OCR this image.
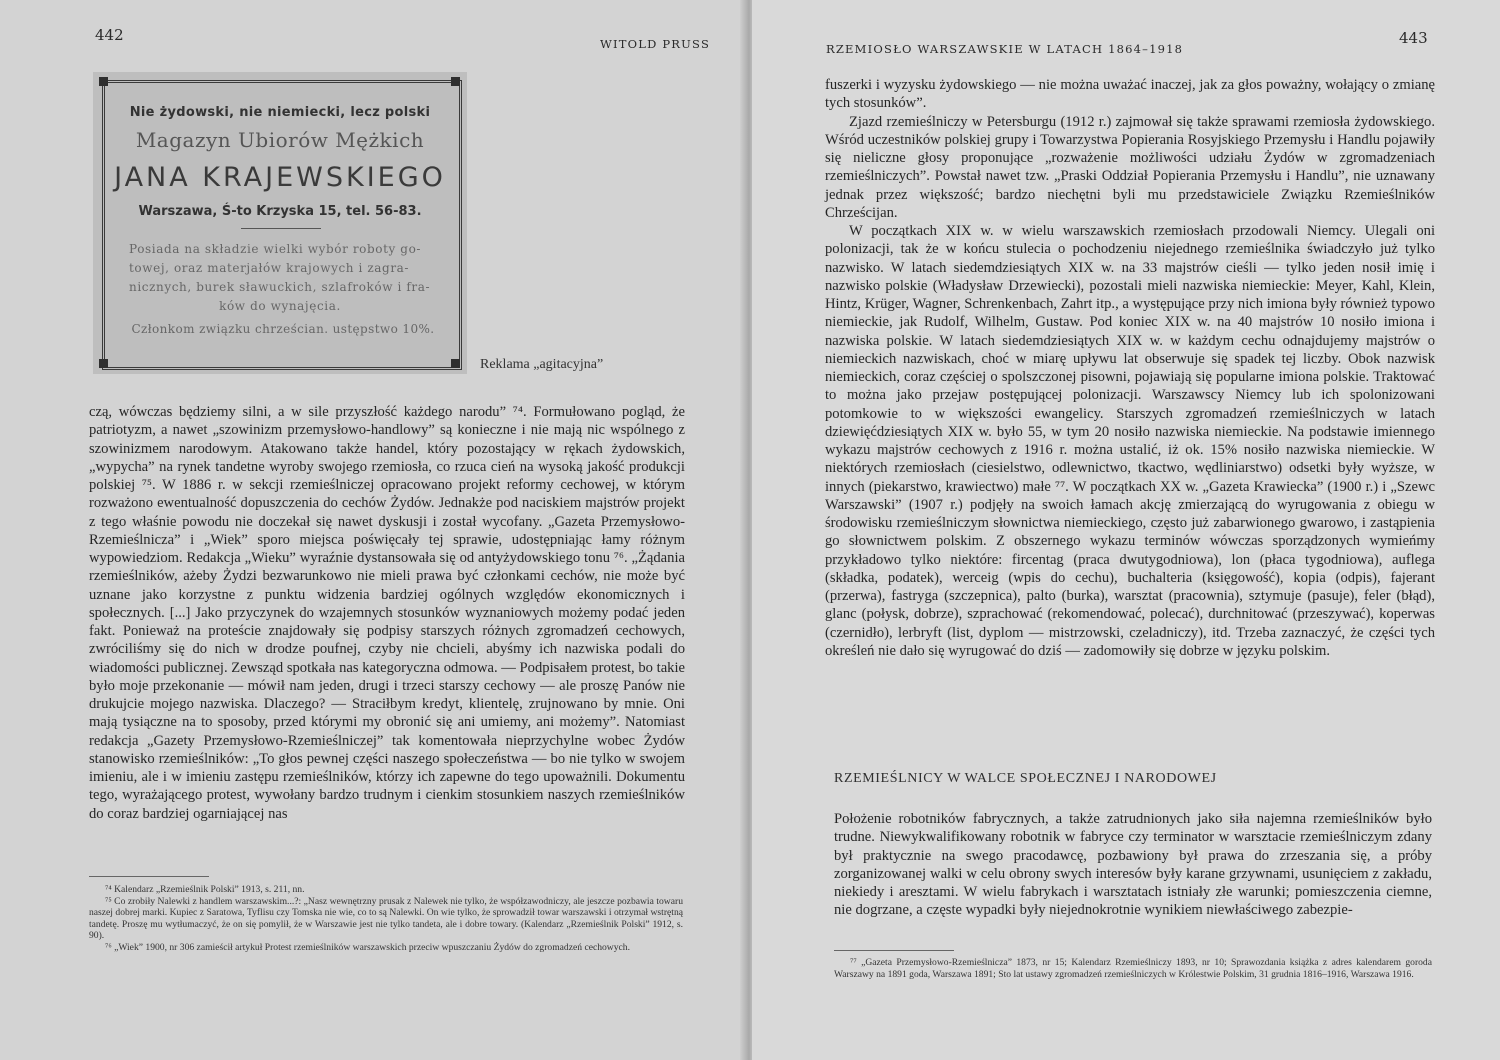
442	WITOLD PRUSS
Nie żydowski, nie niemiecki, lecz polski
Magazyn Ubiorów Mężkich
JANA KRAJEWSKIEGO
Warszawa, Ś-to Krzyska 15, tel. 56-83.
Posiada na składzie wielki wybór roboty go-
towej, oraz materjałów krajowych i zagra-
nicznych, burek sławuckich, szlafroków i fra-
ków do wynajęcia.
Członkom związku chrześcian. ustępstwo 10%.
Reklama „agitacyjna”

czą, wówczas będziemy silni, a w sile przyszłość każdego narodu” ⁷⁴. Formułowano pogląd, że patriotyzm, a nawet „szowinizm przemysłowo-handlowy” są konieczne i nie mają nic wspólnego z szowinizmem narodowym. Atakowano także handel, który pozostający w rękach żydowskich, „wypycha” na rynek tandetne wyroby swojego rzemiosła, co rzuca cień na wysoką jakość produkcji polskiej ⁷⁵. W 1886 r. w sekcji rzemieślniczej opracowano projekt reformy cechowej, w którym rozważono ewentualność dopuszczenia do cechów Żydów. Jednakże pod naciskiem majstrów projekt z tego właśnie powodu nie doczekał się nawet dyskusji i został wycofany. „Gazeta Przemysłowo-Rzemieślnicza” i „Wiek” sporo miejsca poświęcały tej sprawie, udostępniając łamy różnym wypowiedziom. Redakcja „Wieku” wyraźnie dystansowała się od antyżydowskiego tonu ⁷⁶. „Żądania rzemieślników, ażeby Żydzi bezwarunkowo nie mieli prawa być członkami cechów, nie może być uznane jako korzystne z punktu widzenia bardziej ogólnych względów ekonomicznych i społecznych. [...] Jako przyczynek do wzajemnych stosunków wyznaniowych możemy podać jeden fakt. Ponieważ na proteście znajdowały się podpisy starszych różnych zgromadzeń cechowych, zwróciliśmy się do nich w drodze poufnej, czyby nie chcieli, abyśmy ich nazwiska podali do wiadomości publicznej. Zewsząd spotkała nas kategoryczna odmowa. — Podpisałem protest, bo takie było moje przekonanie — mówił nam jeden, drugi i trzeci starszy cechowy — ale proszę Panów nie drukujcie mojego nazwiska. Dlaczego? — Straciłbym kredyt, klientelę, zrujnowano by mnie. Oni mają tysiączne na to sposoby, przed którymi my obronić się ani umiemy, ani możemy”. Natomiast redakcja „Gazety Przemysłowo-Rzemieślniczej” tak komentowała nieprzychylne wobec Żydów stanowisko rzemieślników: „To głos pewnej części naszego społeczeństwa — bo nie tylko w swojem imieniu, ale i w imieniu zastępu rzemieślników, którzy ich zapewne do tego upoważnili. Dokumentu tego, wyrażającego protest, wywołany bardzo trudnym i cienkim stosunkiem naszych rzemieślników do coraz bardziej ogarniającej nas

⁷⁴ Kalendarz „Rzemieślnik Polski” 1913, s. 211, nn.

⁷⁵ Co zrobiły Nalewki z handlem warszawskim...?: „Nasz wewnętrzny prusak z Nalewek nie tylko, że współzawodniczy, ale jeszcze pozbawia towaru naszej dobrej marki. Kupiec z Saratowa, Tyflisu czy Tomska nie wie, co to są Nalewki. On wie tylko, że sprowadził towar warszawski i otrzymał wstrętną tandetę. Proszę mu wytłumaczyć, że on się pomylił, że w Warszawie jest nie tylko tandeta, ale i dobre towary. (Kalendarz „Rzemieślnik Polski” 1912, s. 90).

⁷⁶ „Wiek” 1900, nr 306 zamieścił artykuł Protest rzemieślników warszawskich przeciw wpuszczaniu Żydów do zgromadzeń cechowych.

RZEMIOSŁO WARSZAWSKIE W LATACH 1864–1918
443

fuszerki i wyzysku żydowskiego — nie można uważać inaczej, jak za głos poważny, wołający o zmianę tych stosunków”.

Zjazd rzemieślniczy w Petersburgu (1912 r.) zajmował się także sprawami rzemiosła żydowskiego. Wśród uczestników polskiej grupy i Towarzystwa Popierania Rosyjskiego Przemysłu i Handlu pojawiły się nieliczne głosy proponujące „rozważenie możliwości udziału Żydów w zgromadzeniach rzemieślniczych”. Powstał nawet tzw. „Praski Oddział Popierania Przemysłu i Handlu”, nie uznawany jednak przez większość; bardzo niechętni byli mu przedstawiciele Związku Rzemieślników Chrześcijan.

W początkach XIX w. w wielu warszawskich rzemiosłach przodowali Niemcy. Ulegali oni polonizacji, tak że w końcu stulecia o pochodzeniu niejednego rzemieślnika świadczyło już tylko nazwisko. W latach siedemdziesiątych XIX w. na 33 majstrów cieśli — tylko jeden nosił imię i nazwisko polskie (Władysław Drzewiecki), pozostali mieli nazwiska niemieckie: Meyer, Kahl, Klein, Hintz, Krüger, Wagner, Schrenkenbach, Zahrt itp., a występujące przy nich imiona były również typowo niemieckie, jak Rudolf, Wilhelm, Gustaw. Pod koniec XIX w. na 40 majstrów 10 nosiło imiona i nazwiska polskie. W latach siedemdziesiątych XIX w. w każdym cechu odnajdujemy majstrów o niemieckich nazwiskach, choć w miarę upływu lat obserwuje się spadek tej liczby. Obok nazwisk niemieckich, coraz częściej o spolszczonej pisowni, pojawiają się popularne imiona polskie. Traktować to można jako przejaw postępującej polonizacji. Warszawscy Niemcy lub ich spolonizowani potomkowie to w większości ewangelicy. Starszych zgromadzeń rzemieślniczych w latach dziewięćdziesiątych XIX w. było 55, w tym 20 nosiło nazwiska niemieckie. Na podstawie imiennego wykazu majstrów cechowych z 1916 r. można ustalić, iż ok. 15% nosiło nazwiska niemieckie. W niektórych rzemiosłach (ciesielstwo, odlewnictwo, tkactwo, wędliniarstwo) odsetki były wyższe, w innych (piekarstwo, krawiectwo) małe ⁷⁷. W początkach XX w. „Gazeta Krawiecka” (1900 r.) i „Szewc Warszawski” (1907 r.) podjęły na swoich łamach akcję zmierzającą do wyrugowania z obiegu w środowisku rzemieślniczym słownictwa niemieckiego, często już zabarwionego gwarowo, i zastąpienia go słownictwem polskim. Z obszernego wykazu terminów wówczas sporządzonych wymieńmy przykładowo tylko niektóre: fircentag (praca dwutygodniowa), lon (płaca tygodniowa), auflega (składka, podatek), werceig (wpis do cechu), buchalteria (księgowość), kopia (odpis), fajerant (przerwa), fastryga (szczepnica), palto (burka), warsztat (pracownia), sztymuje (pasuje), feler (błąd), glanc (połysk, dobrze), szprachować (rekomendować, polecać), durchnitować (przeszywać), koperwas (czernidło), lerbryft (list, dyplom — mistrzowski, czeladniczy), itd. Trzeba zaznaczyć, że części tych określeń nie dało się wyrugować do dziś — zadomowiły się dobrze w języku polskim.

RZEMIEŚLNICY W WALCE SPOŁECZNEJ I NARODOWEJ

Położenie robotników fabrycznych, a także zatrudnionych jako siła najemna rzemieślników było trudne. Niewykwalifikowany robotnik w fabryce czy terminator w warsztacie rzemieślniczym zdany był praktycznie na swego pracodawcę, pozbawiony był prawa do zrzeszania się, a próby zorganizowanej walki w celu obrony swych interesów były karane grzywnami, usunięciem z zakładu, niekiedy i aresztami. W wielu fabrykach i warsztatach istniały złe warunki; pomieszczenia ciemne, nie dogrzane, a częste wypadki były niejednokrotnie wynikiem niewłaściwego zabezpie-

⁷⁷ „Gazeta Przemysłowo-Rzemieślnicza” 1873, nr 15; Kalendarz Rzemieślniczy 1893, nr 10; Sprawozdania książka z adres kalendarem goroda Warszawy na 1891 goda, Warszawa 1891; Sto lat ustawy zgromadzeń rzemieślniczych w Królestwie Polskim, 31 grudnia 1816–1916, Warszawa 1916.
